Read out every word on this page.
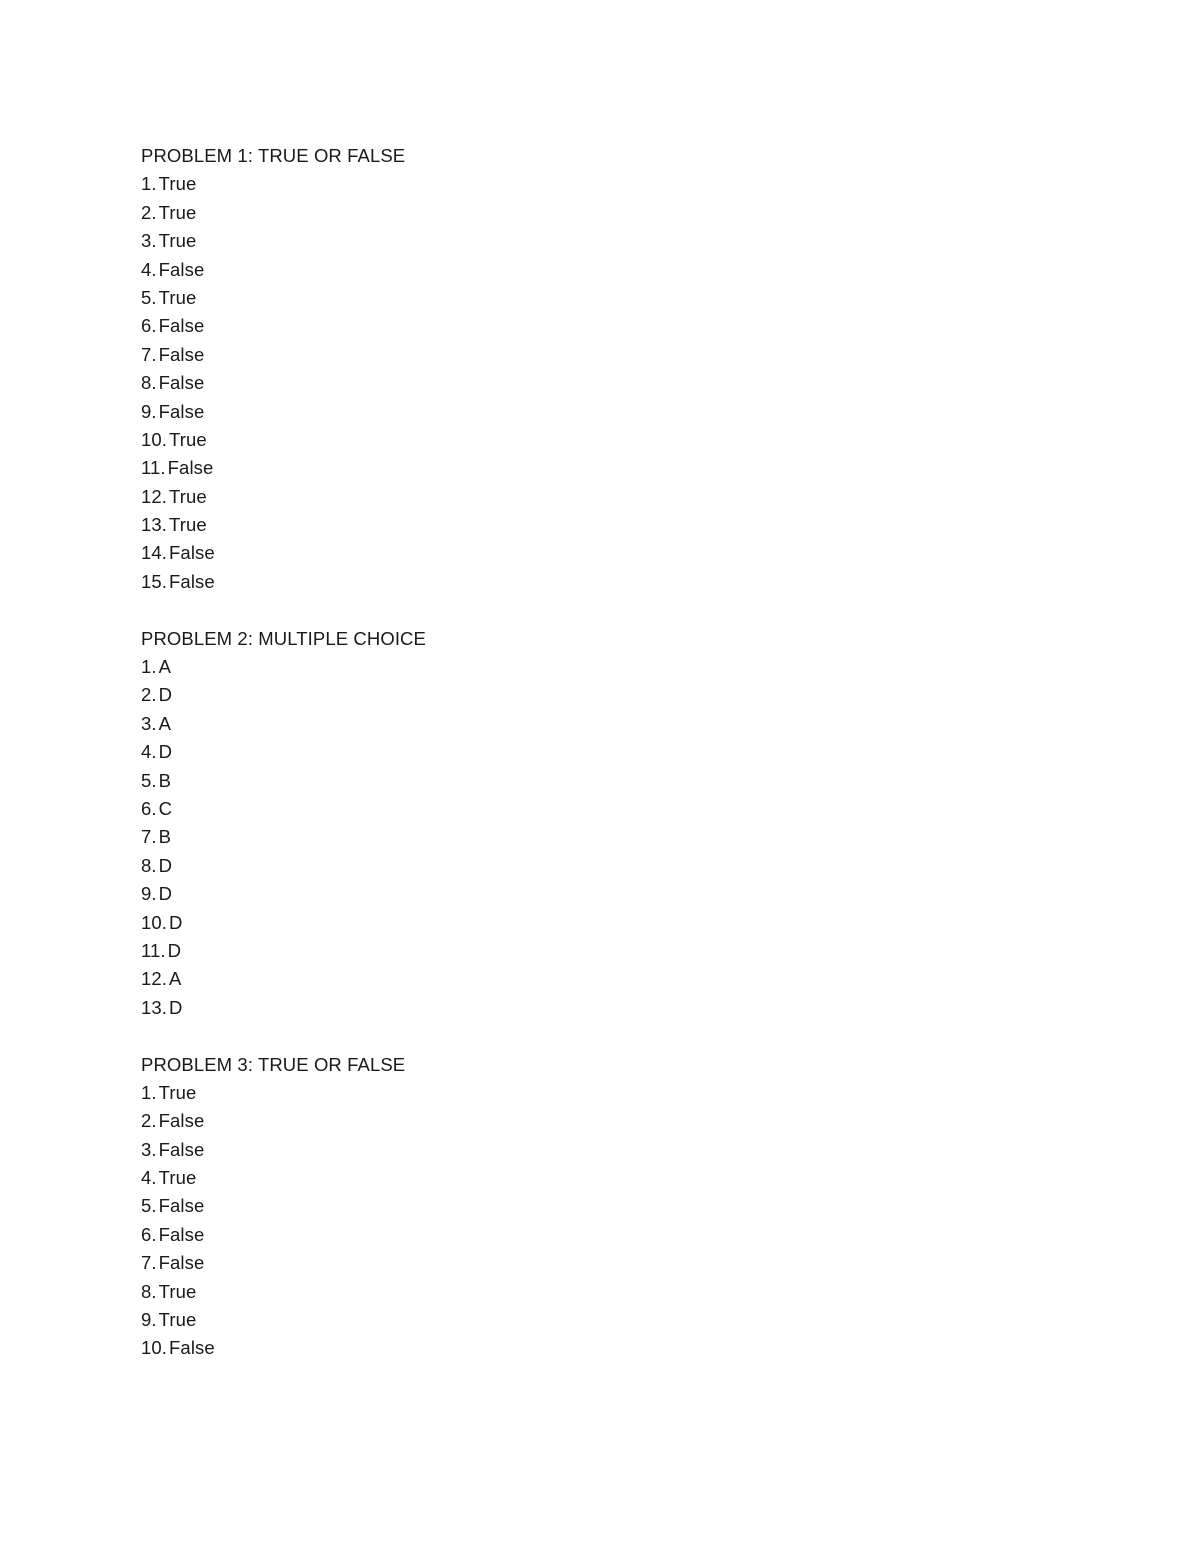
PROBLEM 1: TRUE OR FALSE
1. True
2. True
3. True
4. False
5. True
6. False
7. False
8. False
9. False
10. True
11. False
12. True
13. True
14. False
15. False
PROBLEM 2: MULTIPLE CHOICE
1. A
2. D
3. A
4. D
5. B
6. C
7. B
8. D
9. D
10. D
11. D
12. A
13. D
PROBLEM 3: TRUE OR FALSE
1. True
2. False
3. False
4. True
5. False
6. False
7. False
8. True
9. True
10. False
